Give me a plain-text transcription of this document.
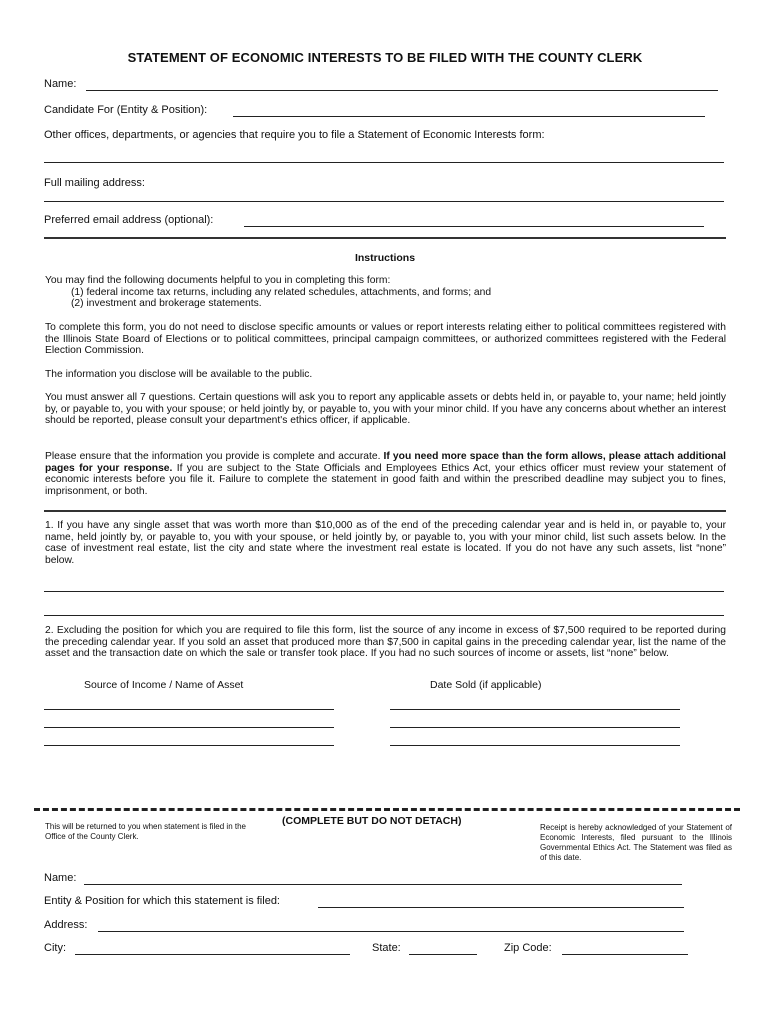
STATEMENT OF ECONOMIC INTERESTS TO BE FILED WITH THE COUNTY CLERK
Name:
Candidate For (Entity & Position):
Other offices, departments, or agencies that require you to file a Statement of Economic Interests form:
Full mailing address:
Preferred email address (optional):
Instructions
You may find the following documents helpful to you in completing this form:
(1) federal income tax returns, including any related schedules, attachments, and forms; and
(2) investment and brokerage statements.
To complete this form, you do not need to disclose specific amounts or values or report interests relating either to political committees registered with the Illinois State Board of Elections or to political committees, principal campaign committees, or authorized committees registered with the Federal Election Commission.
The information you disclose will be available to the public.
You must answer all 7 questions. Certain questions will ask you to report any applicable assets or debts held in, or payable to, your name; held jointly by, or payable to, you with your spouse; or held jointly by, or payable to, you with your minor child. If you have any concerns about whether an interest should be reported, please consult your department's ethics officer, if applicable.
Please ensure that the information you provide is complete and accurate. If you need more space than the form allows, please attach additional pages for your response. If you are subject to the State Officials and Employees Ethics Act, your ethics officer must review your statement of economic interests before you file it. Failure to complete the statement in good faith and within the prescribed deadline may subject you to fines, imprisonment, or both.
1. If you have any single asset that was worth more than $10,000 as of the end of the preceding calendar year and is held in, or payable to, your name, held jointly by, or payable to, you with your spouse, or held jointly by, or payable to, you with your minor child, list such assets below. In the case of investment real estate, list the city and state where the investment real estate is located. If you do not have any such assets, list “none” below.
2. Excluding the position for which you are required to file this form, list the source of any income in excess of $7,500 required to be reported during the preceding calendar year. If you sold an asset that produced more than $7,500 in capital gains in the preceding calendar year, list the name of the asset and the transaction date on which the sale or transfer took place. If you had no such sources of income or assets, list “none” below.
Source of Income / Name of Asset	Date Sold (if applicable)
This will be returned to you when statement is filed in the Office of the County Clerk.
(COMPLETE BUT DO NOT DETACH)
Receipt is hereby acknowledged of your Statement of Economic Interests, filed pursuant to the Illinois Governmental Ethics Act. The Statement was filed as of this date.
Name:
Entity & Position for which this statement is filed:
Address:
City:	State:	Zip Code:
